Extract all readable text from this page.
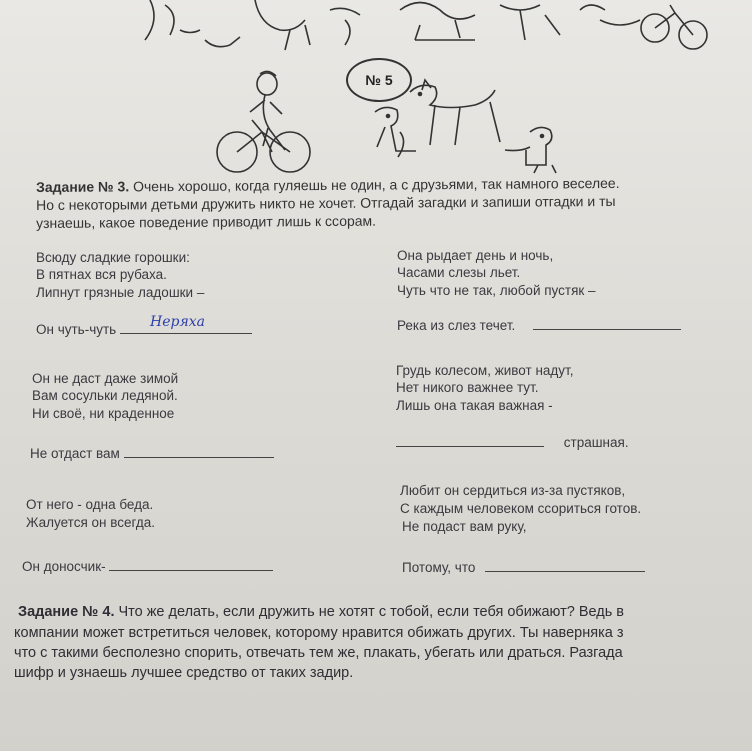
№ 5
Задание № 3. Очень хорошо, когда гуляешь не один, а с друзьями, так намного веселее.
Но с некоторыми детьми дружить никто не хочет. Отгадай загадки и запиши отгадки и ты
узнаешь, какое поведение приводит лишь к ссорам.
Всюду сладкие горошки:
В пятнах вся рубаха.
Липнут грязные ладошки –
Он чуть-чуть	Неряха
Она рыдает день и ночь,
Часами слезы льет.
Чуть что не так, любой пустяк –
Река из слез течет.
Он не даст даже зимой
Вам сосульки ледяной.
Ни своё, ни краденное
Не отдаст вам
Грудь колесом, живот надут,
Нет никого важнее тут.
Лишь она такая важная -
страшная.
От него - одна беда.
Жалуется он всегда.
Он доносчик-
Любит он сердиться из-за пустяков,
С каждым человеком ссориться готов.
Не подаст вам руку,
Потому, что
Задание № 4. Что же делать, если дружить не хотят с тобой, если тебя обижают? Ведь в
компании может встретиться человек, которому нравится обижать других. Ты наверняка з
что с такими бесполезно спорить, отвечать тем же, плакать, убегать или драться. Разгада
шифр и узнаешь лучшее средство от таких задир.
